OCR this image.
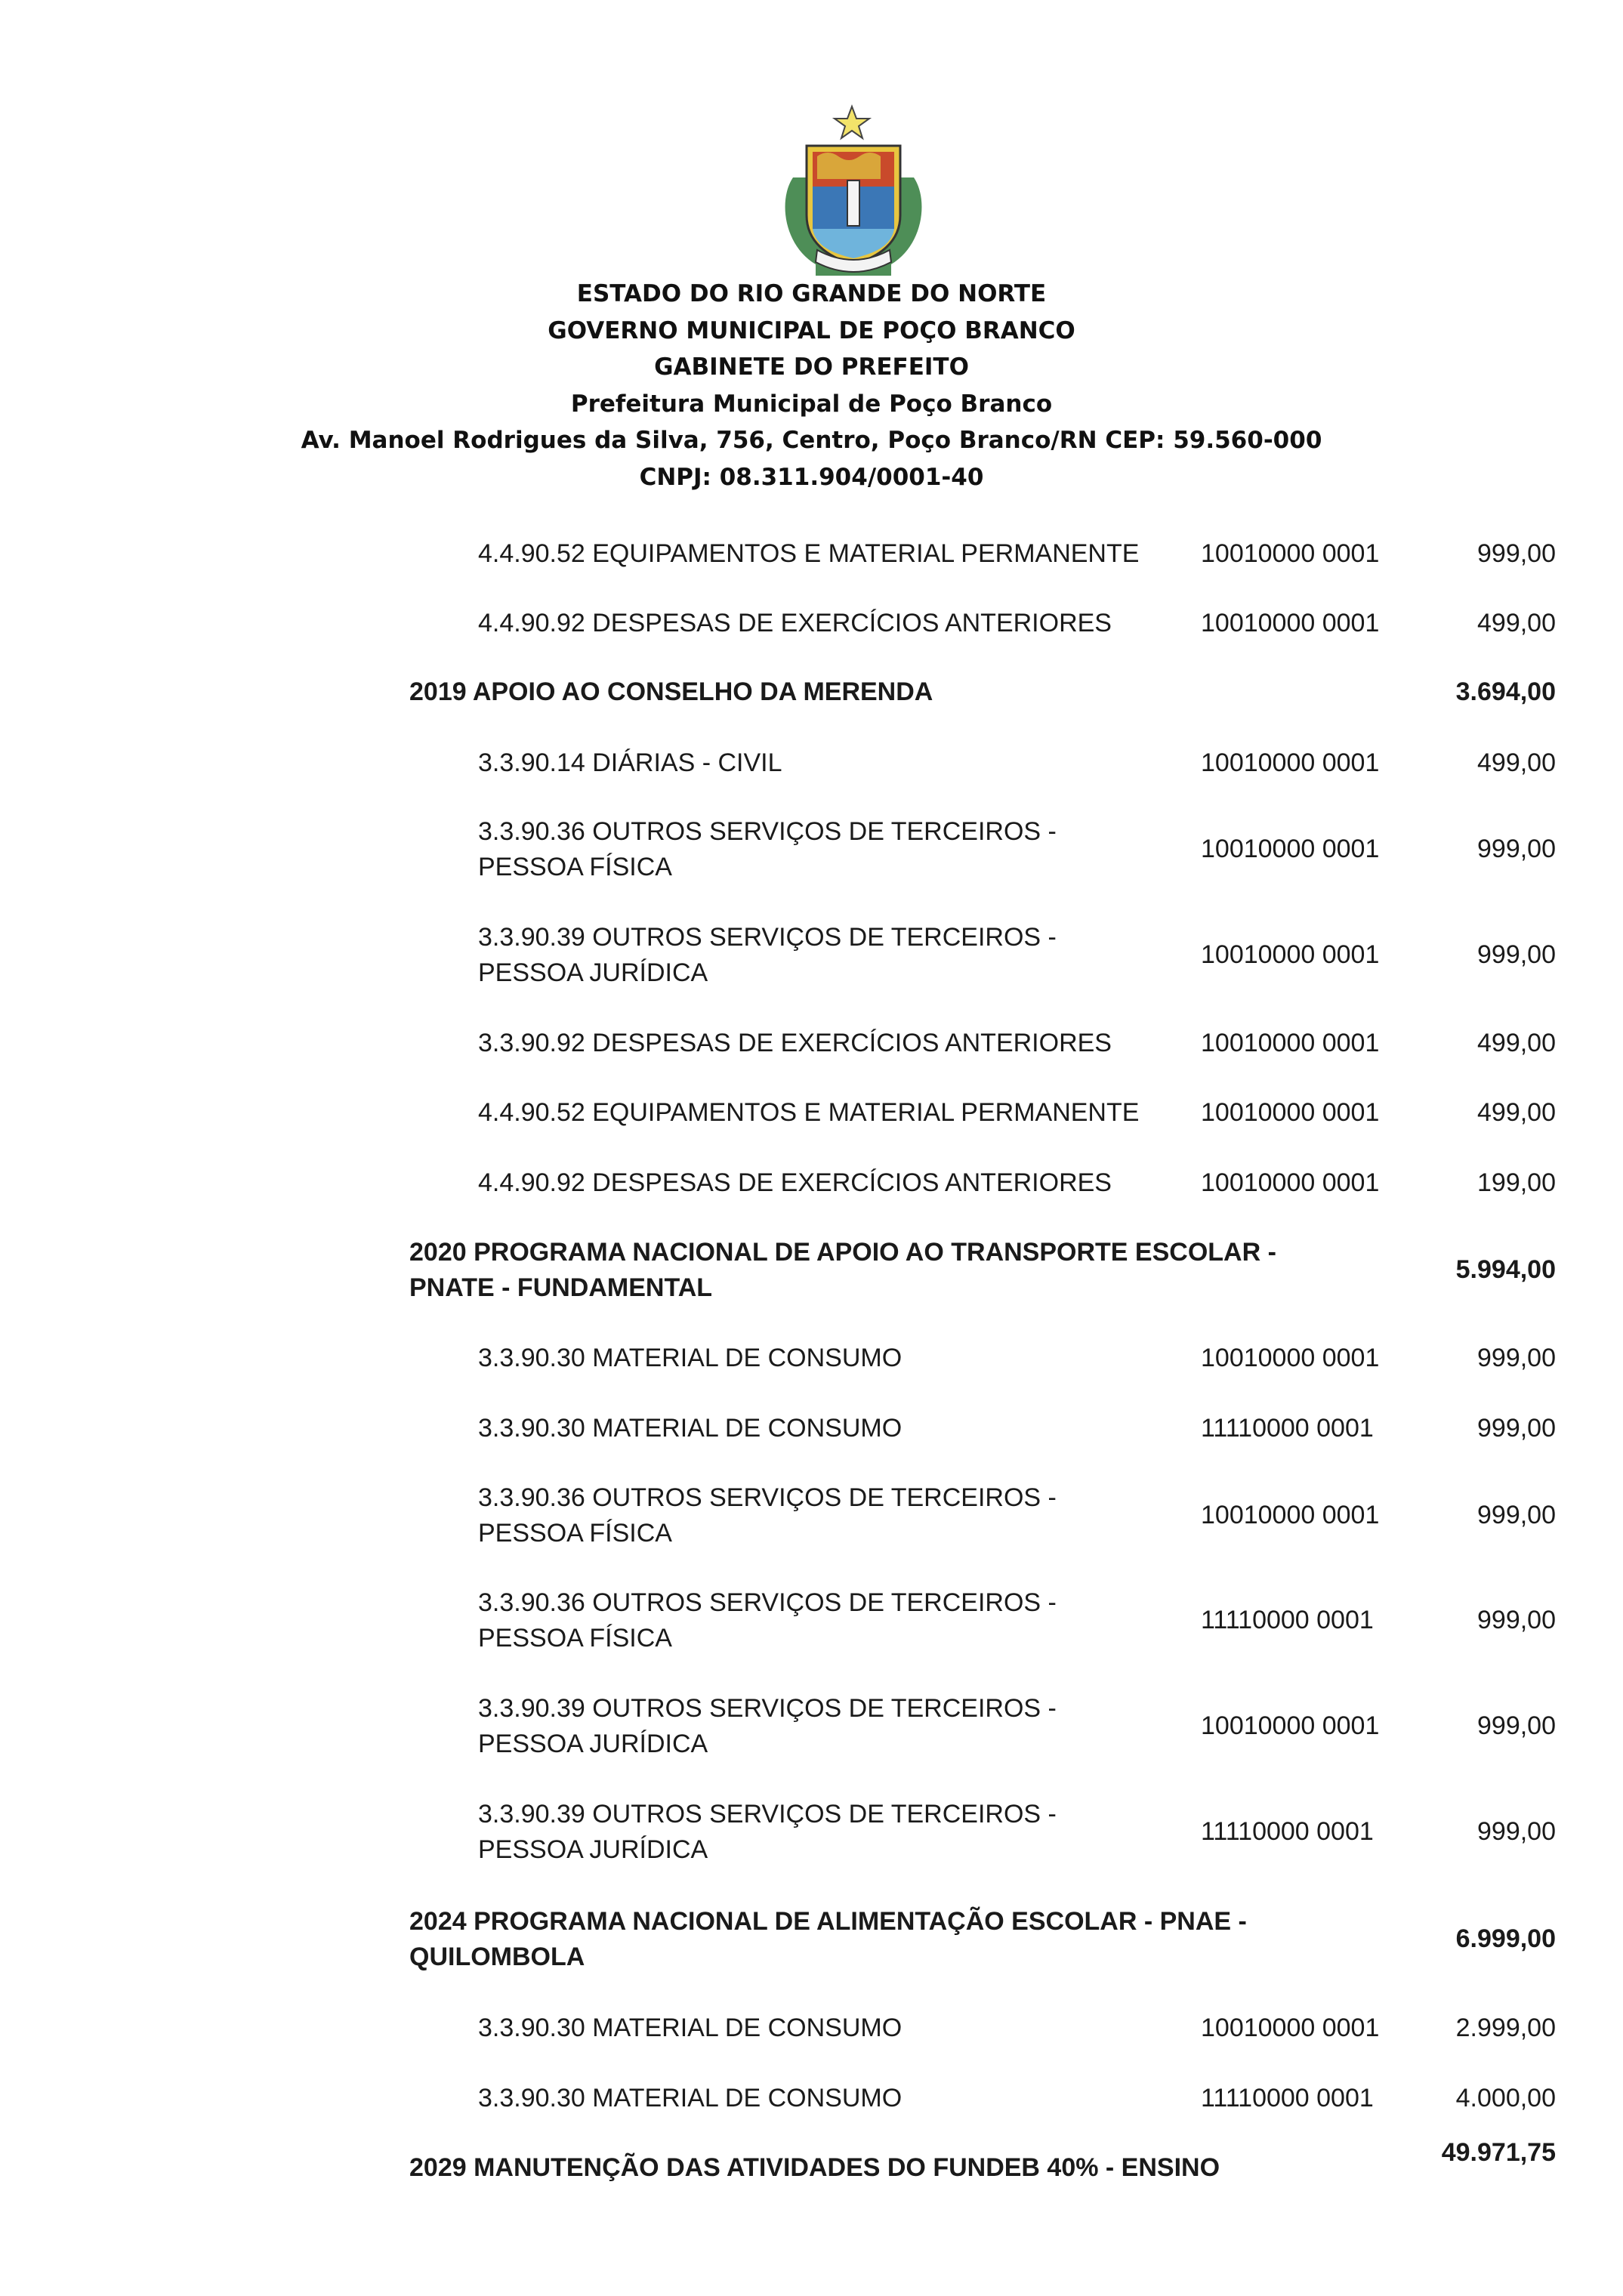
ESTADO DO RIO GRANDE DO NORTE
GOVERNO MUNICIPAL DE POÇO BRANCO
GABINETE DO PREFEITO
Prefeitura Municipal de Poço Branco
Av. Manoel Rodrigues da Silva, 756, Centro, Poço Branco/RN CEP: 59.560-000
CNPJ: 08.311.904/0001-40
4.4.90.52 EQUIPAMENTOS E MATERIAL PERMANENTE	10010000 0001	999,00
4.4.90.92 DESPESAS DE EXERCÍCIOS ANTERIORES	10010000 0001	499,00
2019 APOIO AO CONSELHO DA MERENDA	3.694,00
3.3.90.14 DIÁRIAS - CIVIL	10010000 0001	499,00
3.3.90.36 OUTROS SERVIÇOS DE TERCEIROS -
PESSOA FÍSICA
10010000 0001	999,00
3.3.90.39 OUTROS SERVIÇOS DE TERCEIROS -
PESSOA JURÍDICA
10010000 0001	999,00
3.3.90.92 DESPESAS DE EXERCÍCIOS ANTERIORES	10010000 0001	499,00
4.4.90.52 EQUIPAMENTOS E MATERIAL PERMANENTE	10010000 0001	499,00
4.4.90.92 DESPESAS DE EXERCÍCIOS ANTERIORES	10010000 0001	199,00
2020 PROGRAMA NACIONAL DE APOIO AO TRANSPORTE ESCOLAR -
PNATE - FUNDAMENTAL
5.994,00
3.3.90.30 MATERIAL DE CONSUMO	10010000 0001	999,00
3.3.90.30 MATERIAL DE CONSUMO	11110000 0001	999,00
3.3.90.36 OUTROS SERVIÇOS DE TERCEIROS -
PESSOA FÍSICA
10010000 0001	999,00
3.3.90.36 OUTROS SERVIÇOS DE TERCEIROS -
PESSOA FÍSICA
11110000 0001	999,00
3.3.90.39 OUTROS SERVIÇOS DE TERCEIROS -
PESSOA JURÍDICA
10010000 0001	999,00
3.3.90.39 OUTROS SERVIÇOS DE TERCEIROS -
PESSOA JURÍDICA
11110000 0001	999,00
2024 PROGRAMA NACIONAL DE ALIMENTAÇÃO ESCOLAR - PNAE -
QUILOMBOLA
6.999,00
3.3.90.30 MATERIAL DE CONSUMO	10010000 0001	2.999,00
3.3.90.30 MATERIAL DE CONSUMO	11110000 0001	4.000,00
2029 MANUTENÇÃO DAS ATIVIDADES DO FUNDEB 40% - ENSINO
49.971,75
